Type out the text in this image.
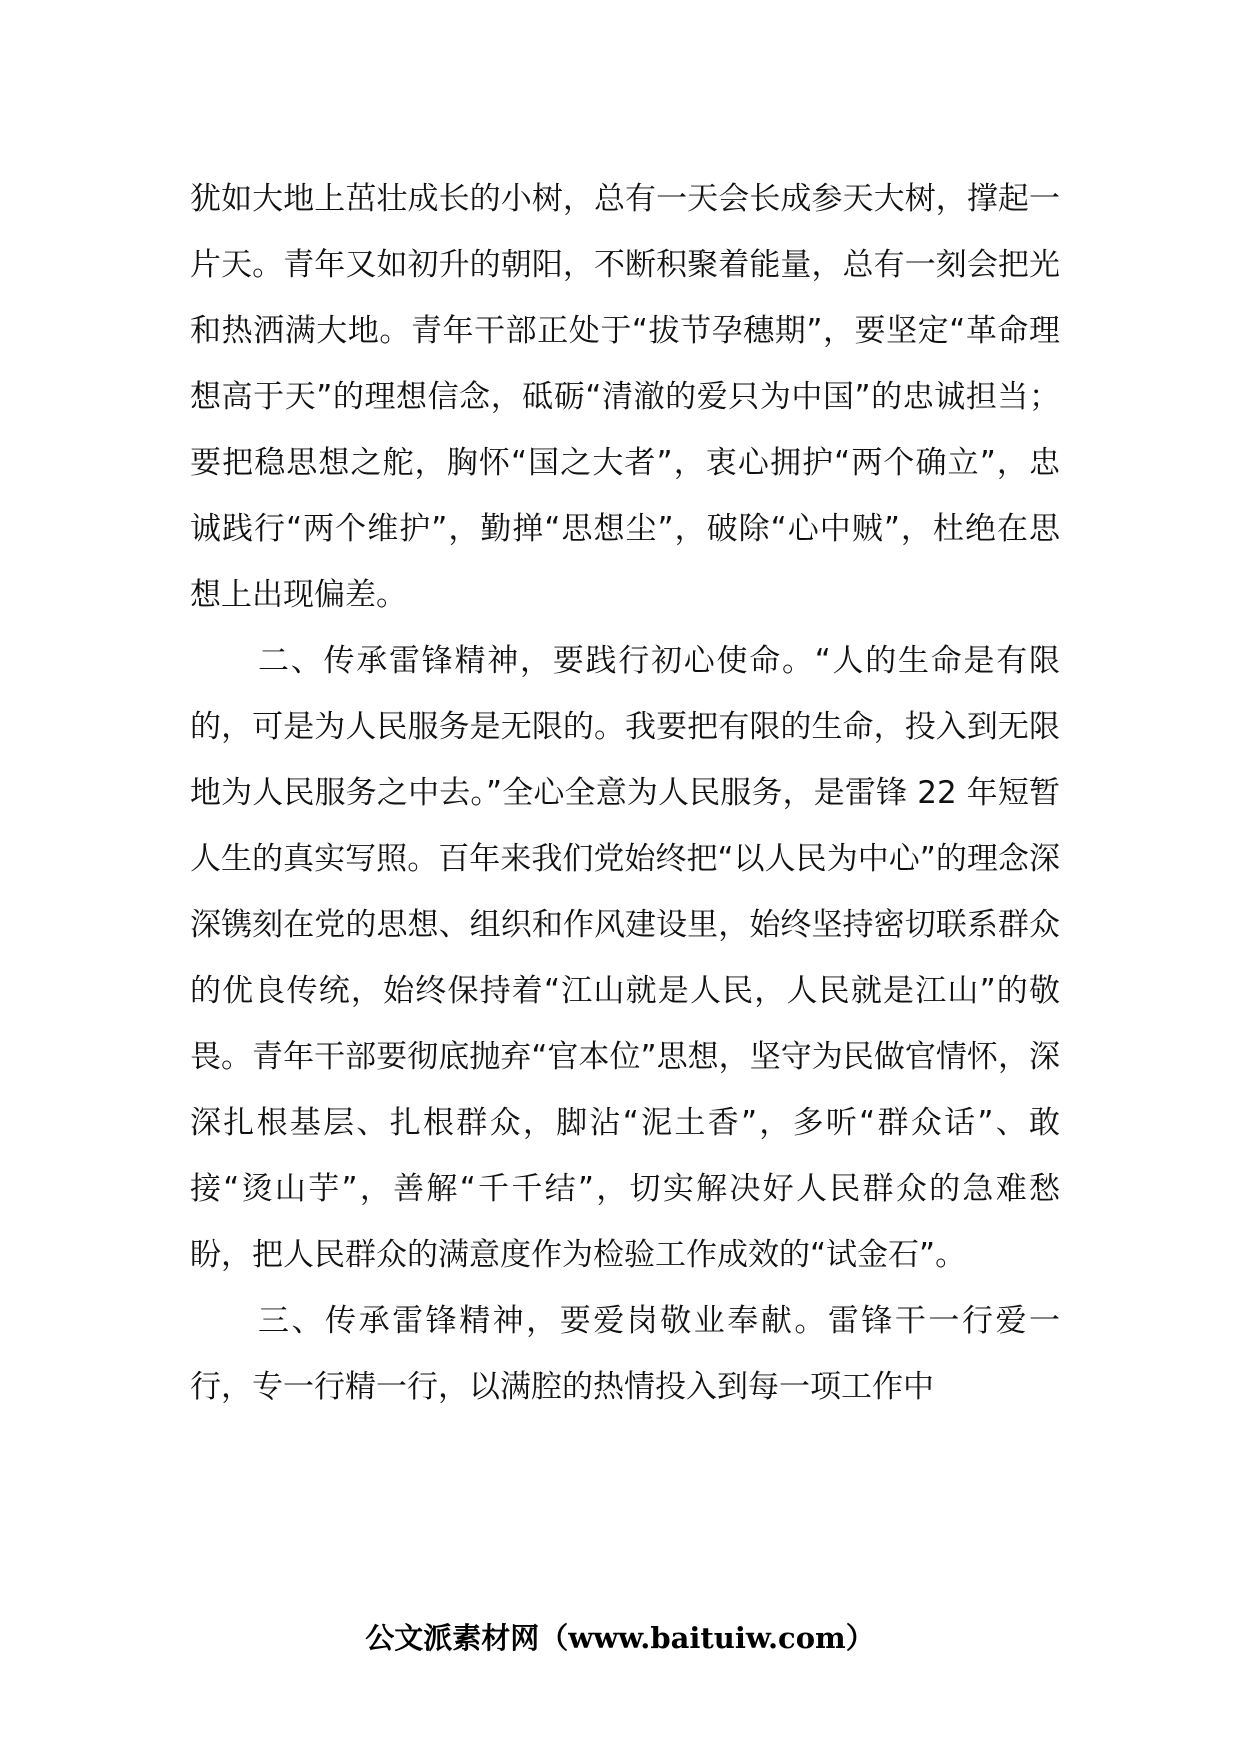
犹如大地上茁壮成长的小树，总有一天会长成参天大树，撑起一片天。青年又如初升的朝阳，不断积聚着能量，总有一刻会把光和热洒满大地。青年干部正处于“拔节孕穗期”，要坚定“革命理想高于天”的理想信念，砥砺“清澈的爱只为中国”的忠诚担当；要把稳思想之舵，胸怀“国之大者”，衷心拥护“两个确立”，忠诚践行“两个维护”，勤掸“思想尘”，破除“心中贼”，杜绝在思想上出现偏差。

二、传承雷锋精神，要践行初心使命。“人的生命是有限的，可是为人民服务是无限的。我要把有限的生命，投入到无限地为人民服务之中去。”全心全意为人民服务，是雷锋 22 年短暂人生的真实写照。百年来我们党始终把“以人民为中心”的理念深深镌刻在党的思想、组织和作风建设里，始终坚持密切联系群众的优良传统，始终保持着“江山就是人民，人民就是江山”的敬畏。青年干部要彻底抛弃“官本位”思想，坚守为民做官情怀，深深扎根基层、扎根群众，脚沾“泥土香”，多听“群众话”、敢接“烫山芋”，善解“千千结”，切实解决好人民群众的急难愁盼，把人民群众的满意度作为检验工作成效的“试金石”。

三、传承雷锋精神，要爱岗敬业奉献。雷锋干一行爱一行，专一行精一行，以满腔的热情投入到每一项工作中

公文派素材网（www.baituiw.com）
